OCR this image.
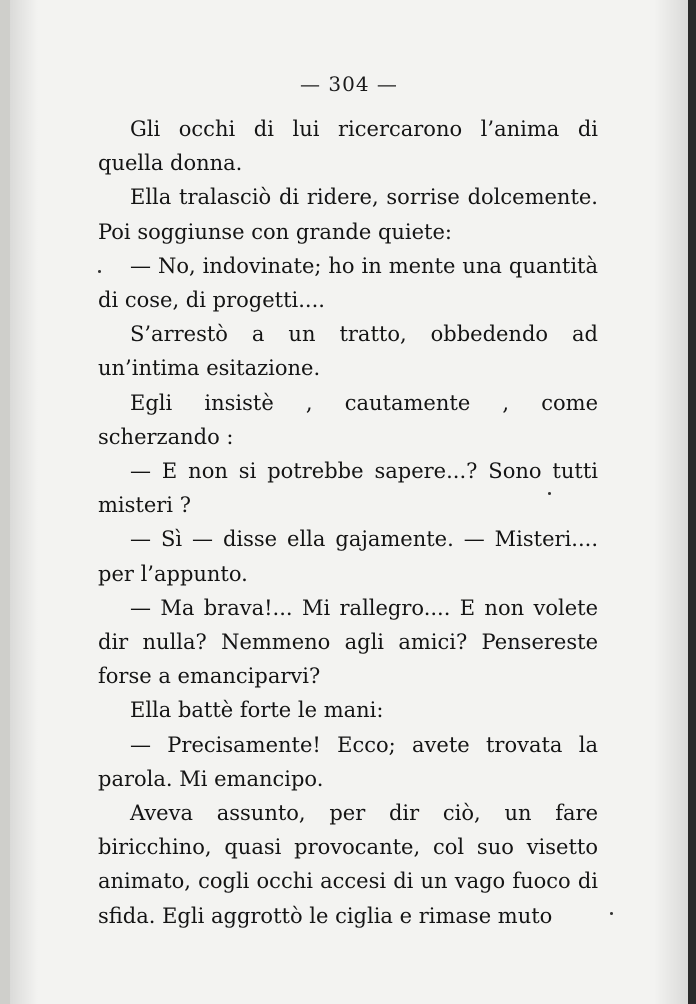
— 304 —

Gli occhi di lui ricercarono l’anima di quella donna.

Ella tralasciò di ridere, sorrise dolcemente. Poi soggiunse con grande quiete:

— No, indovinate; ho in mente una quantità di cose, di progetti....

S’arrestò a un tratto, obbedendo ad un’intima esitazione.

Egli insistè , cautamente , come scherzando :

— E non si potrebbe sapere...? Sono tutti misteri ?

— Sì — disse ella gajamente. — Misteri.... per l’appunto.

— Ma brava!... Mi rallegro.... E non volete dir nulla? Nemmeno agli amici? Pensereste forse a emanciparvi?

Ella battè forte le mani:

— Precisamente! Ecco; avete trovata la parola. Mi emancipo.

Aveva assunto, per dir ciò, un fare biricchino, quasi provocante, col suo visetto animato, cogli occhi accesi di un vago fuoco di sfida. Egli aggrottò le ciglia e rimase muto
